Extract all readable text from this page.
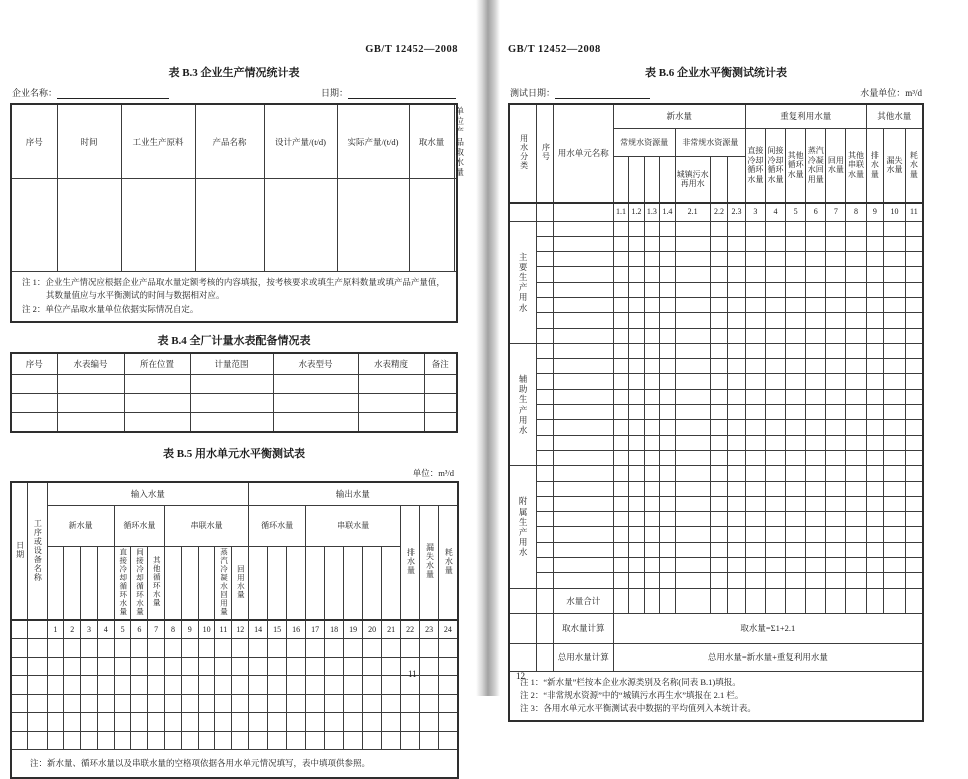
GB/T 12452—2008
表 B.3 企业生产情况统计表
企业名称：	日期：
序号	时间	工业生产原料	产品名称	设计产量/(t/d)	实际产量/(t/d)	取水量	单位产品取水量

注 1：企业生产情况应根据企业产品取水量定额考核的内容填报，按考核要求或填生产原料数量或填产品产量值，其数量值应与水平衡测试的时间与数据相对应。
注 2：单位产品取水量单位依据实际情况自定。							
表 B.4 全厂计量水表配备情况表
序号	水表编号	所在位置	计量范围	水表型号	水表精度	备注

表 B.5 用水单元水平衡测试表
单位：m³/d
日期	工序或设备名称	输入水量												输出水量										
		新水量				循环水量			串联水量					循环水量			串联水量					排水量	漏失水量	耗水量
						直接冷却循环水量	间接冷却循环水量	其他循环水量				蒸汽冷凝水回用量	回用水量											
		1	2	3	4	5	6	7	8	9	10	11	12	14	15	16	17	18	19	20	21	22	23	24

注：新水量、循环水量以及串联水量的空格项依据各用水单元情况填写，表中填项供参照。																								
GB/T 12452—2008
表 B.6 企业水平衡测试统计表
测试日期：	水量单位：m³/d
用水分类	序号	用水单元名称	新水量							重复利用水量						其他水量		
			常规水资源量				非常规水资源量			直接冷却循环水量	间接冷却循环水量	其他循环水量	蒸汽冷凝水回用量	回用水量	其他串联水量	排水量	漏失水量	耗水量
							城镇污水再用水											
			1.1	1.2	1.3	1.4	2.1	2.2	2.3	3	4	5	6	7	8	9	10	11
主要生产用水																		

辅助生产用水																		

附属生产用水																		

		水量合计																
		取水量计算	取水量=Σ1+2.1															
		总用水量计算	总用水量=新水量+重复利用水量															

注 1：“新水量”栏按本企业水源类别及名称(同表 B.1)填报。
注 2：“非常规水资源”中的“城镇污水再生水”填报在 2.1 栏。
注 3：各用水单元水平衡测试表中数据的平均值列入本统计表。																		
11	12
